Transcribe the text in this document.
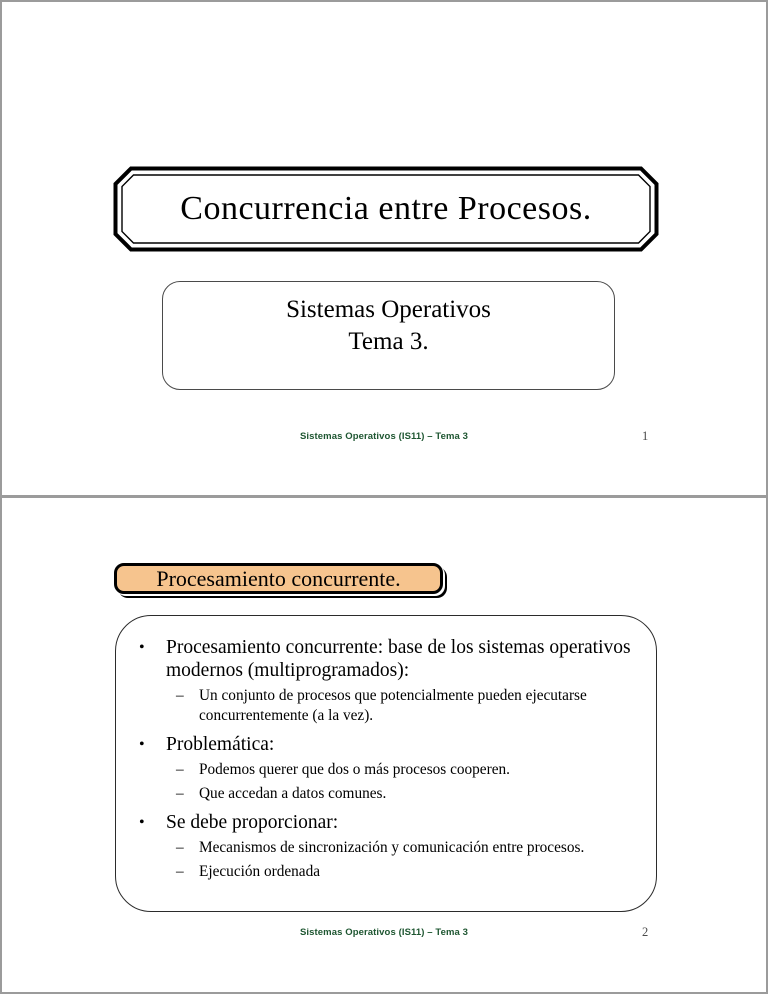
Concurrencia entre Procesos.
Sistemas Operativos
Tema 3.
Sistemas Operativos (IS11) – Tema 3	1
Procesamiento concurrente.
•	Procesamiento concurrente: base de los sistemas operativos modernos (multiprogramados):
–	Un conjunto de procesos que potencialmente pueden ejecutarse concurrentemente (a la vez).
•	Problemática:
–	Podemos querer que dos o más procesos cooperen.
–	Que accedan a datos comunes.
•	Se debe proporcionar:
–	Mecanismos de sincronización y comunicación entre procesos.
–	Ejecución ordenada
Sistemas Operativos (IS11) – Tema 3	2
